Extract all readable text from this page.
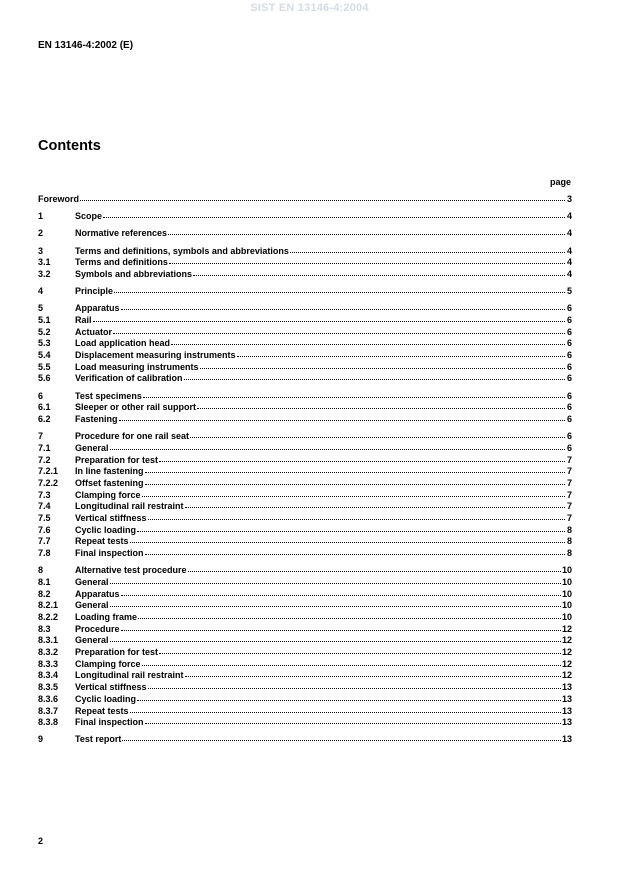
SIST EN 13146-4:2004
EN 13146-4:2002 (E)
Contents
page
Foreword	3
1	Scope	4
2	Normative references	4
3	Terms and definitions, symbols and abbreviations	4
3.1	Terms and definitions	4
3.2	Symbols and abbreviations	4
4	Principle	5
5	Apparatus	6
5.1	Rail	6
5.2	Actuator	6
5.3	Load application head	6
5.4	Displacement measuring instruments	6
5.5	Load measuring instruments	6
5.6	Verification of calibration	6
6	Test specimens	6
6.1	Sleeper or other rail support	6
6.2	Fastening	6
7	Procedure for one rail seat	6
7.1	General	6
7.2	Preparation for test	7
7.2.1	In line fastening	7
7.2.2	Offset fastening	7
7.3	Clamping force	7
7.4	Longitudinal rail restraint	7
7.5	Vertical stiffness	7
7.6	Cyclic loading	8
7.7	Repeat tests	8
7.8	Final inspection	8
8	Alternative test procedure	10
8.1	General	10
8.2	Apparatus	10
8.2.1	General	10
8.2.2	Loading frame	10
8.3	Procedure	12
8.3.1	General	12
8.3.2	Preparation for test	12
8.3.3	Clamping force	12
8.3.4	Longitudinal rail restraint	12
8.3.5	Vertical stiffness	13
8.3.6	Cyclic loading	13
8.3.7	Repeat tests	13
8.3.8	Final inspection	13
9	Test report	13
2
